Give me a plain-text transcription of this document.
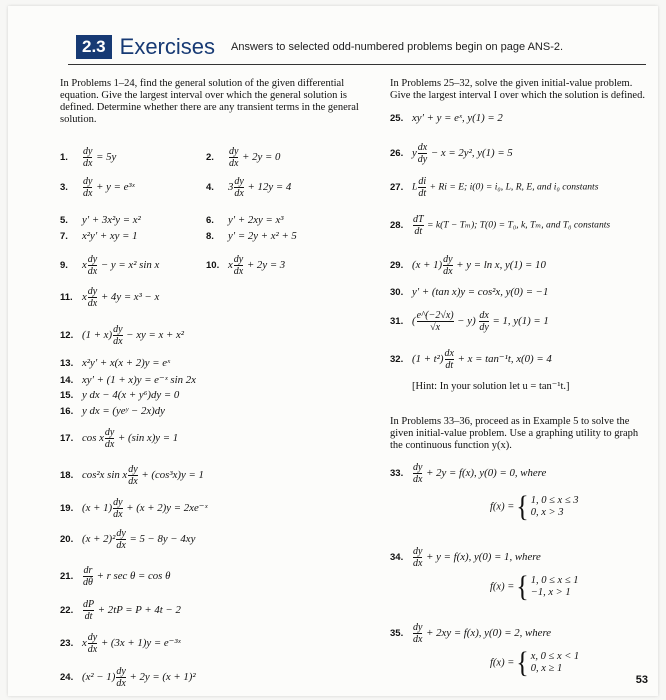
2.3 Exercises Answers to selected odd-numbered problems begin on page ANS-2.
In Problems 1–24, find the general solution of the given differential equation. Give the largest interval over which the general solution is defined. Determine whether there are any transient terms in the general solution.
1. $\frac{dy}{dx} = 5y$	2. $\frac{dy}{dx} + 2y = 0$
3. $\frac{dy}{dx} + y$ = e³ˣ	4. $3 \frac{dy}{dx} + 12y = 4$
5. y′ + 3x²y = x²	6. y′ + 2xy = x³
7. x²y′ + xy = 1	8. y′ = 2y + x² + 5
9. x $\frac{dy}{dx} - y = x^2$ sin x	10. x $\frac{dy}{dx} + 2y = 3$
11. x $\frac{dy}{dx} + 4y = x^3 - x$
12. $(1 + x) \frac{dy}{dx}$ − xy = x + x²
13. x²y′ + x(x + 2)y = eˣ
14. xy′ + (1 + x)y = e⁻ˣ sin 2x
15. y dx − 4(x + y⁶)dy = 0
16. y dx = (yeʸ − 2x)dy
17. cos x $\frac{dy}{dx} + (\sin$ x)y = 1
18. cos²x sin x $\frac{dy}{dx} + (\cos^3x)y = 1$
19. $(x + 1) \frac{dy}{dx} + (x + 2)y$ = 2xe⁻ˣ
20. $(x + 2)^2 \frac{dy}{dx} = 5 - 8y - 4xy$
21. $\frac{dr}{d\theta} + r$ sec θ = cos θ
22. $\frac{dP}{dt} + 2tP = P + 4t - 2$
23. x $\frac{dy}{dx} + (3x + 1)y$ = e⁻³ˣ
24. $(x^2 - 1) \frac{dy}{dx} + 2y = (x + 1)^2$
In Problems 25–32, solve the given initial-value problem. Give the largest interval I over which the solution is defined.
25. xy′ + y = eˣ, y(1) = 2
26. y $\frac{dx}{dy} - x = 2y^2$, y(1) = 5
27. L $\frac{di}{dt} + Ri = E$; i(0) = i₀, L, R, E, and i₀ constants
28. $\frac{dT}{dt} = k(T - T_m)$; T(0) = T₀, k, Tₘ, and T₀ constants
29. $(x + 1) \frac{dy}{dx} + y = \ln x$, y(1) = 10
30. y′ + (tan x)y = cos²x, y(0) = −1
31. ( $\frac{e\^{}(-2√x)}{√x} - y) \frac{dx}{dy} = 1$, y(1) = 1
32. $(1 + t^2) \frac{dx}{dt} + x = \tan^{-1}t$, x(0) = 4
[Hint: In your solution let u = tan⁻¹t.]
In Problems 33–36, proceed as in Example 5 to solve the given initial-value problem. Use a graphing utility to graph the continuous function y(x).
33. $\frac{dy}{dx} + 2y = f(x)$, y(0) = 0, where
f(x) ={ 1, 0 ≤ x ≤ 3
0, x > 3
34. $\frac{dy}{dx} + y = f(x)$, y(0) = 1, where
f(x) ={ 1, 0 ≤ x ≤ 1
−1, x > 1
35. $\frac{dy}{dx} + 2xy = f(x)$, y(0) = 2, where
f(x) ={ x, 0 ≤ x < 1
0, x ≥ 1
53
